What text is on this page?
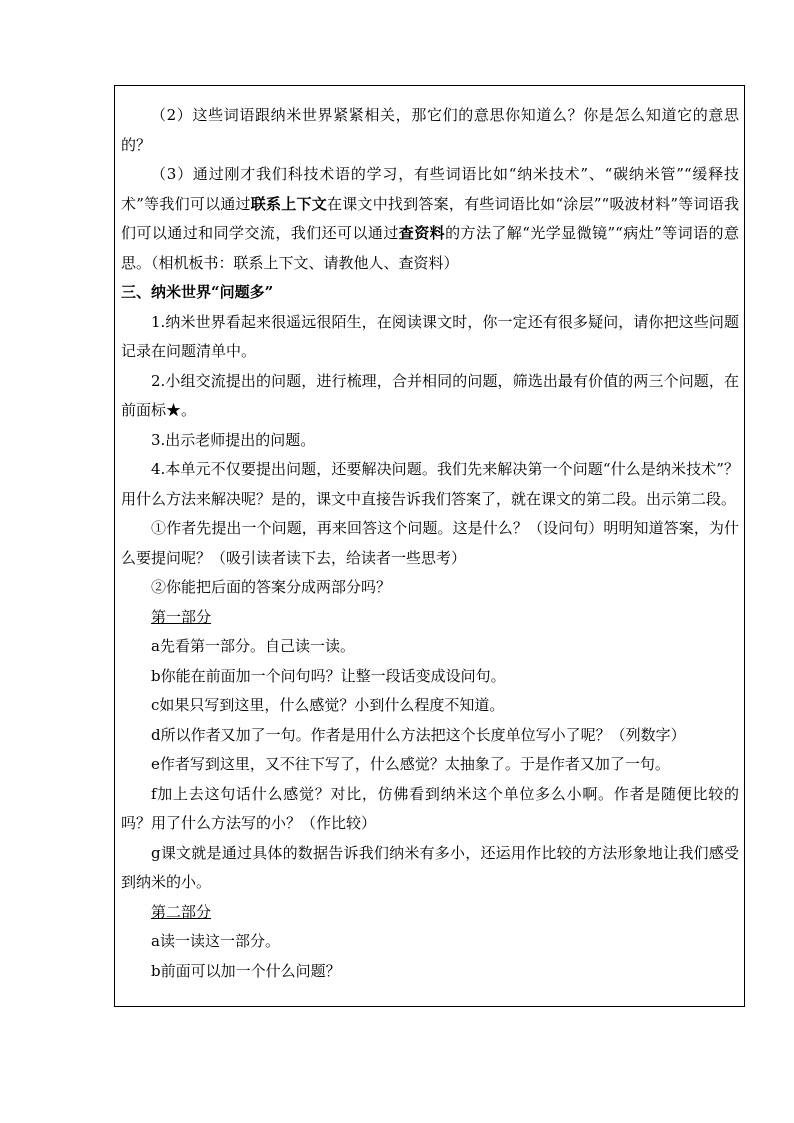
（2）这些词语跟纳米世界紧紧相关，那它们的意思你知道么？你是怎么知道它的意思的？

（3）通过刚才我们科技术语的学习，有些词语比如“纳米技术”、“碳纳米管”“缓释技术”等我们可以通过联系上下文在课文中找到答案，有些词语比如“涂层”“吸波材料”等词语我们可以通过和同学交流，我们还可以通过查资料的方法了解“光学显微镜”“病灶”等词语的意思。（相机板书：联系上下文、请教他人、查资料）

三、纳米世界“问题多”

1.纳米世界看起来很遥远很陌生，在阅读课文时，你一定还有很多疑问，请你把这些问题记录在问题清单中。

2.小组交流提出的问题，进行梳理，合并相同的问题，筛选出最有价值的两三个问题，在前面标★。

3.出示老师提出的问题。

4.本单元不仅要提出问题，还要解决问题。我们先来解决第一个问题“什么是纳米技术”？用什么方法来解决呢？是的，课文中直接告诉我们答案了，就在课文的第二段。出示第二段。

①作者先提出一个问题，再来回答这个问题。这是什么？（设问句）明明知道答案，为什么要提问呢？（吸引读者读下去，给读者一些思考）

②你能把后面的答案分成两部分吗？

第一部分

a先看第一部分。自己读一读。

b你能在前面加一个问句吗？让整一段话变成设问句。

c如果只写到这里，什么感觉？小到什么程度不知道。

d所以作者又加了一句。作者是用什么方法把这个长度单位写小了呢？（列数字）

e作者写到这里，又不往下写了，什么感觉？太抽象了。于是作者又加了一句。

f加上去这句话什么感觉？对比，仿佛看到纳米这个单位多么小啊。作者是随便比较的吗？用了什么方法写的小？（作比较）

g课文就是通过具体的数据告诉我们纳米有多小，还运用作比较的方法形象地让我们感受到纳米的小。

第二部分

a读一读这一部分。

b前面可以加一个什么问题？
